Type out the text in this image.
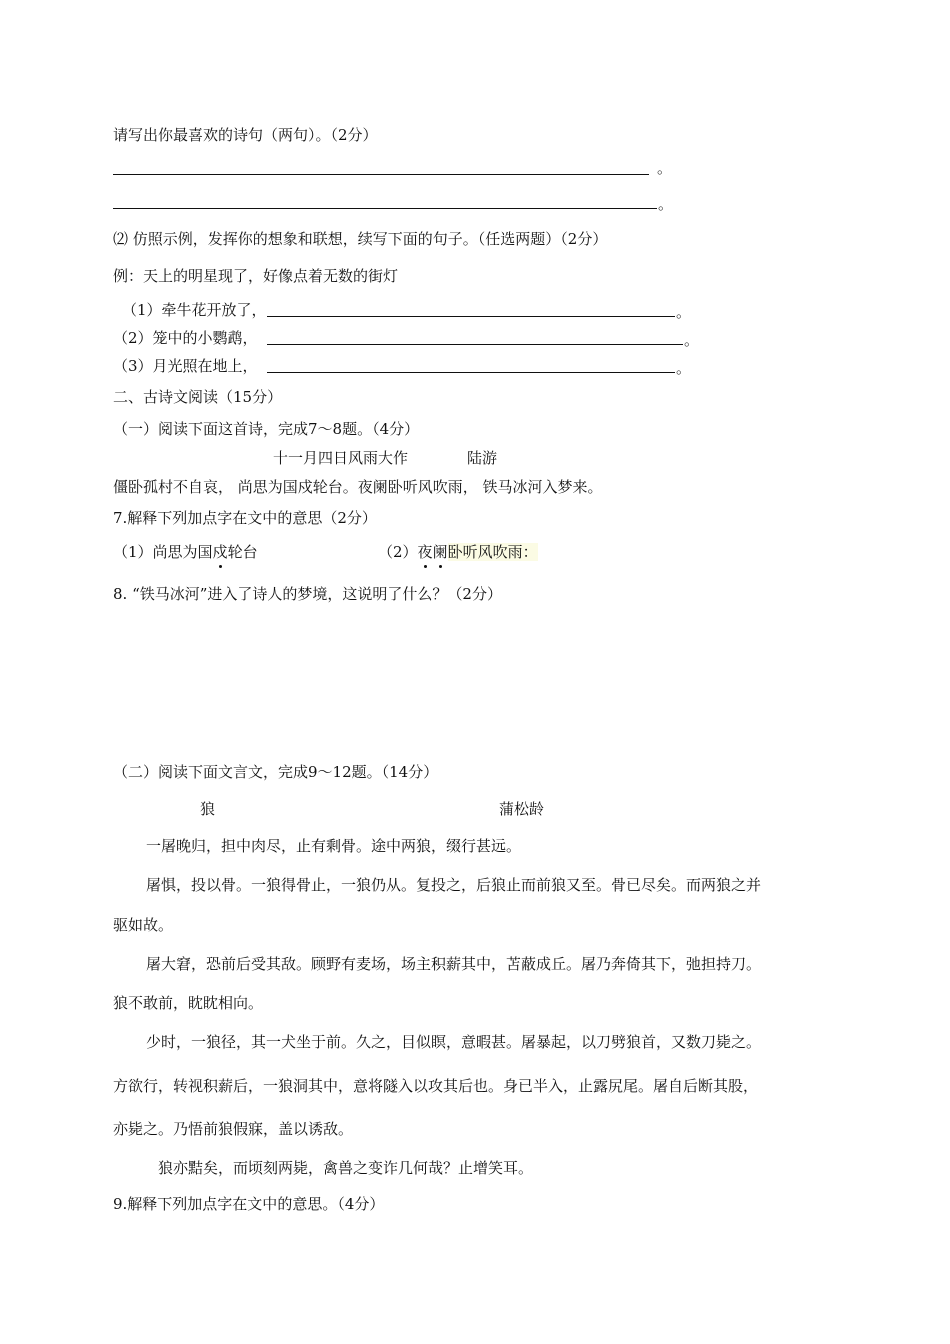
请写出你最喜欢的诗句（两句）。（2分）
。
。
⑵ 仿照示例，发挥你的想象和联想，续写下面的句子。（任选两题）（2分）
例：天上的明星现了，好像点着无数的街灯
（1）牵牛花开放了，	。
（2）笼中的小鹦鹉，	。
（3）月光照在地上，	。
二、古诗文阅读（15分）
（一）阅读下面这首诗，完成7～8题。（4分）
十一月四日风雨大作	陆游
僵卧孤村不自哀， 尚思为国戍轮台。夜阑卧听风吹雨， 铁马冰河入梦来。
7.解释下列加点字在文中的意思（2分）
（1）尚思为国戍轮台	（2）夜阑卧听风吹雨：
8. “铁马冰河”进入了诗人的梦境，这说明了什么？（2分）
（二）阅读下面文言文，完成9～12题。（14分）
狼	蒲松龄
一屠晚归，担中肉尽，止有剩骨。途中两狼，缀行甚远。
屠惧，投以骨。一狼得骨止，一狼仍从。复投之，后狼止而前狼又至。骨已尽矣。而两狼之并
驱如故。
屠大窘，恐前后受其敌。顾野有麦场，场主积薪其中，苫蔽成丘。屠乃奔倚其下，弛担持刀。
狼不敢前，眈眈相向。
少时，一狼径，其一犬坐于前。久之，目似瞑，意暇甚。屠暴起，以刀劈狼首，又数刀毙之。
方欲行，转视积薪后，一狼洞其中，意将隧入以攻其后也。身已半入，止露尻尾。屠自后断其股，
亦毙之。乃悟前狼假寐，盖以诱敌。
狼亦黠矣，而顷刻两毙，禽兽之变诈几何哉？止增笑耳。
9.解释下列加点字在文中的意思。（4分）
